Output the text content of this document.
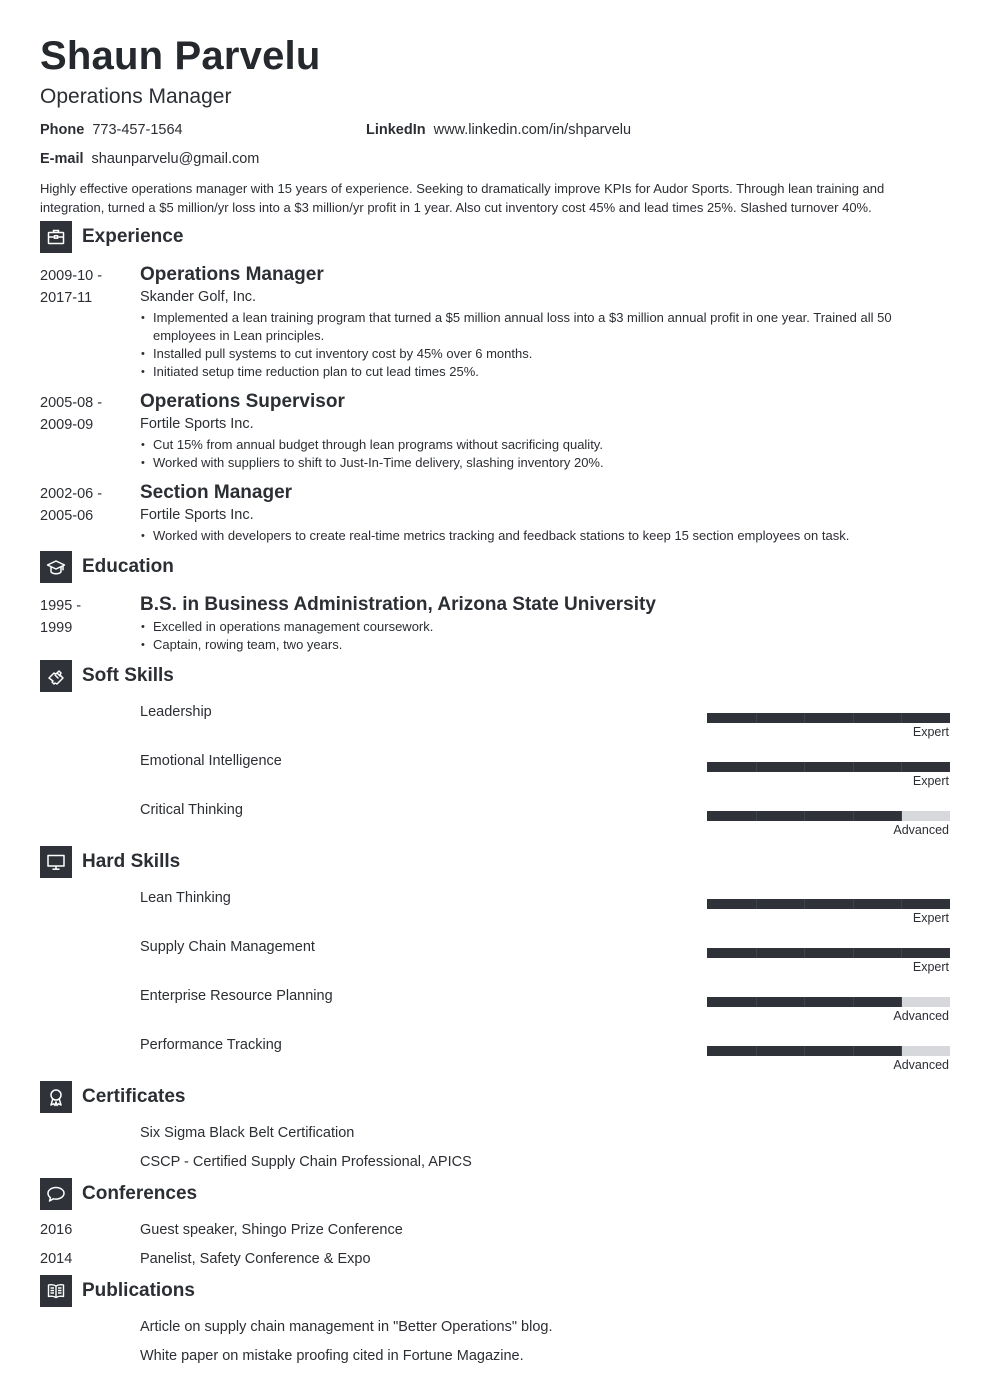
Shaun Parvelu
Operations Manager
Phone 773-457-1564	LinkedIn www.linkedin.com/in/shparvelu
E-mail shaunparvelu@gmail.com
Highly effective operations manager with 15 years of experience. Seeking to dramatically improve KPIs for Audor Sports. Through lean training and integration, turned a $5 million/yr loss into a $3 million/yr profit in 1 year. Also cut inventory cost 45% and lead times 25%. Slashed turnover 40%.
Experience
2009-10 -
2017-11
Operations Manager
Skander Golf, Inc.
• Implemented a lean training program that turned a $5 million annual loss into a $3 million annual profit in one year. Trained all 50 employees in Lean principles.
• Installed pull systems to cut inventory cost by 45% over 6 months.
• Initiated setup time reduction plan to cut lead times 25%.
2005-08 -
2009-09
Operations Supervisor
Fortile Sports Inc.
• Cut 15% from annual budget through lean programs without sacrificing quality.
• Worked with suppliers to shift to Just-In-Time delivery, slashing inventory 20%.
2002-06 -
2005-06
Section Manager
Fortile Sports Inc.
• Worked with developers to create real-time metrics tracking and feedback stations to keep 15 section employees on task.
Education
1995 -
1999
B.S. in Business Administration, Arizona State University
• Excelled in operations management coursework.
• Captain, rowing team, two years.
Soft Skills
Leadership
Expert
Emotional Intelligence
Expert
Critical Thinking
Advanced
Hard Skills
Lean Thinking
Expert
Supply Chain Management
Expert
Enterprise Resource Planning
Advanced
Performance Tracking
Advanced
Certificates
Six Sigma Black Belt Certification
CSCP - Certified Supply Chain Professional, APICS
Conferences
2016	Guest speaker, Shingo Prize Conference
2014	Panelist, Safety Conference & Expo
Publications
Article on supply chain management in "Better Operations" blog.
White paper on mistake proofing cited in Fortune Magazine.
